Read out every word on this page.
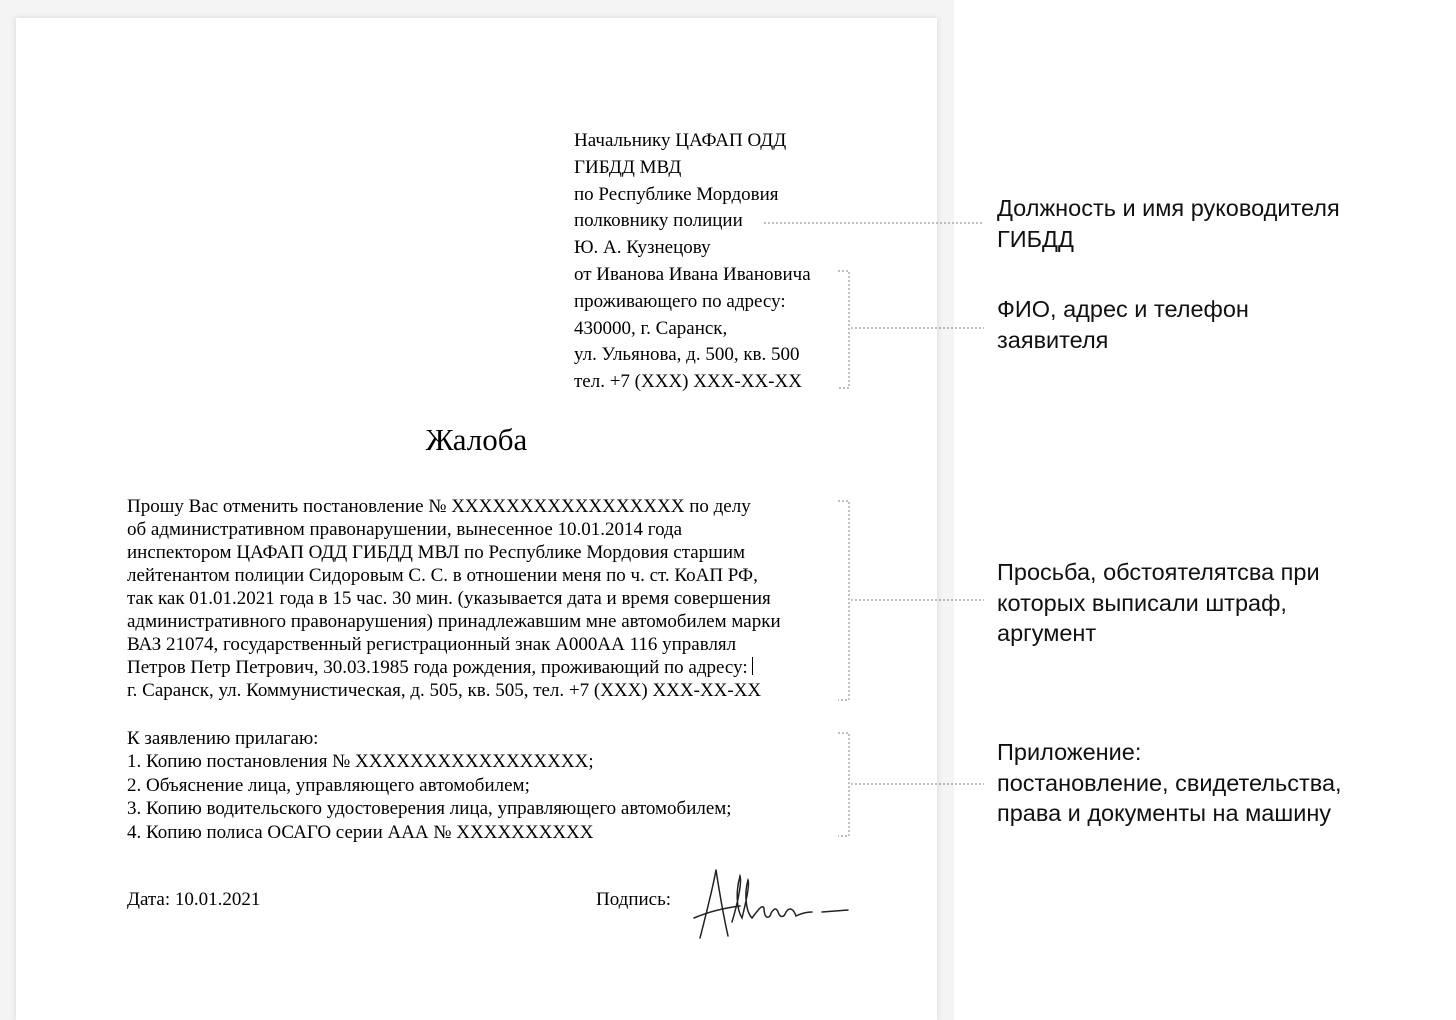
Начальнику ЦАФАП ОДД
ГИБДД МВД
по Республике Мордовия
полковнику полиции
Ю. А. Кузнецову
от Иванова Ивана Ивановича
проживающего по адресу:
430000, г. Саранск,
ул. Ульянова, д. 500, кв. 500
тел. +7 (ХХХ) ХХХ-ХХ-ХХ
Жалоба
Прошу Вас отменить постановление № ХХХХХХХХХХХХХХХХХ по делу
об административном правонарушении, вынесенное 10.01.2014 года
инспектором ЦАФАП ОДД ГИБДД МВЛ по Республике Мордовия старшим
лейтенантом полиции Сидоровым С. С. в отношении меня по ч. ст. КоАП РФ,
так как 01.01.2021 года в 15 час. 30 мин. (указывается дата и время совершения
административного правонарушения) принадлежавшим мне автомобилем марки
ВАЗ 21074, государственный регистрационный знак А000АА 116 управлял
Петров Петр Петрович, 30.03.1985 года рождения, проживающий по адресу:
г. Саранск, ул. Коммунистическая, д. 505, кв. 505, тел. +7 (ХХХ) ХХХ-ХХ-ХХ
К заявлению прилагаю:
1. Копию постановления № ХХХХХХХХХХХХХХХХХ;
2. Объяснение лица, управляющего автомобилем;
3. Копию водительского удостоверения лица, управляющего автомобилем;
4. Копию полиса ОСАГО серии ААА № ХХХХХХХХХХ
Дата: 10.01.2021	Подпись:
Должность и имя руководителя
ГИБДД
ФИО, адрес и телефон
заявителя
Просьба, обстоятелятсва при
которых выписали штраф,
аргумент
Приложение:
постановление, свидетельства,
права и документы на машину
